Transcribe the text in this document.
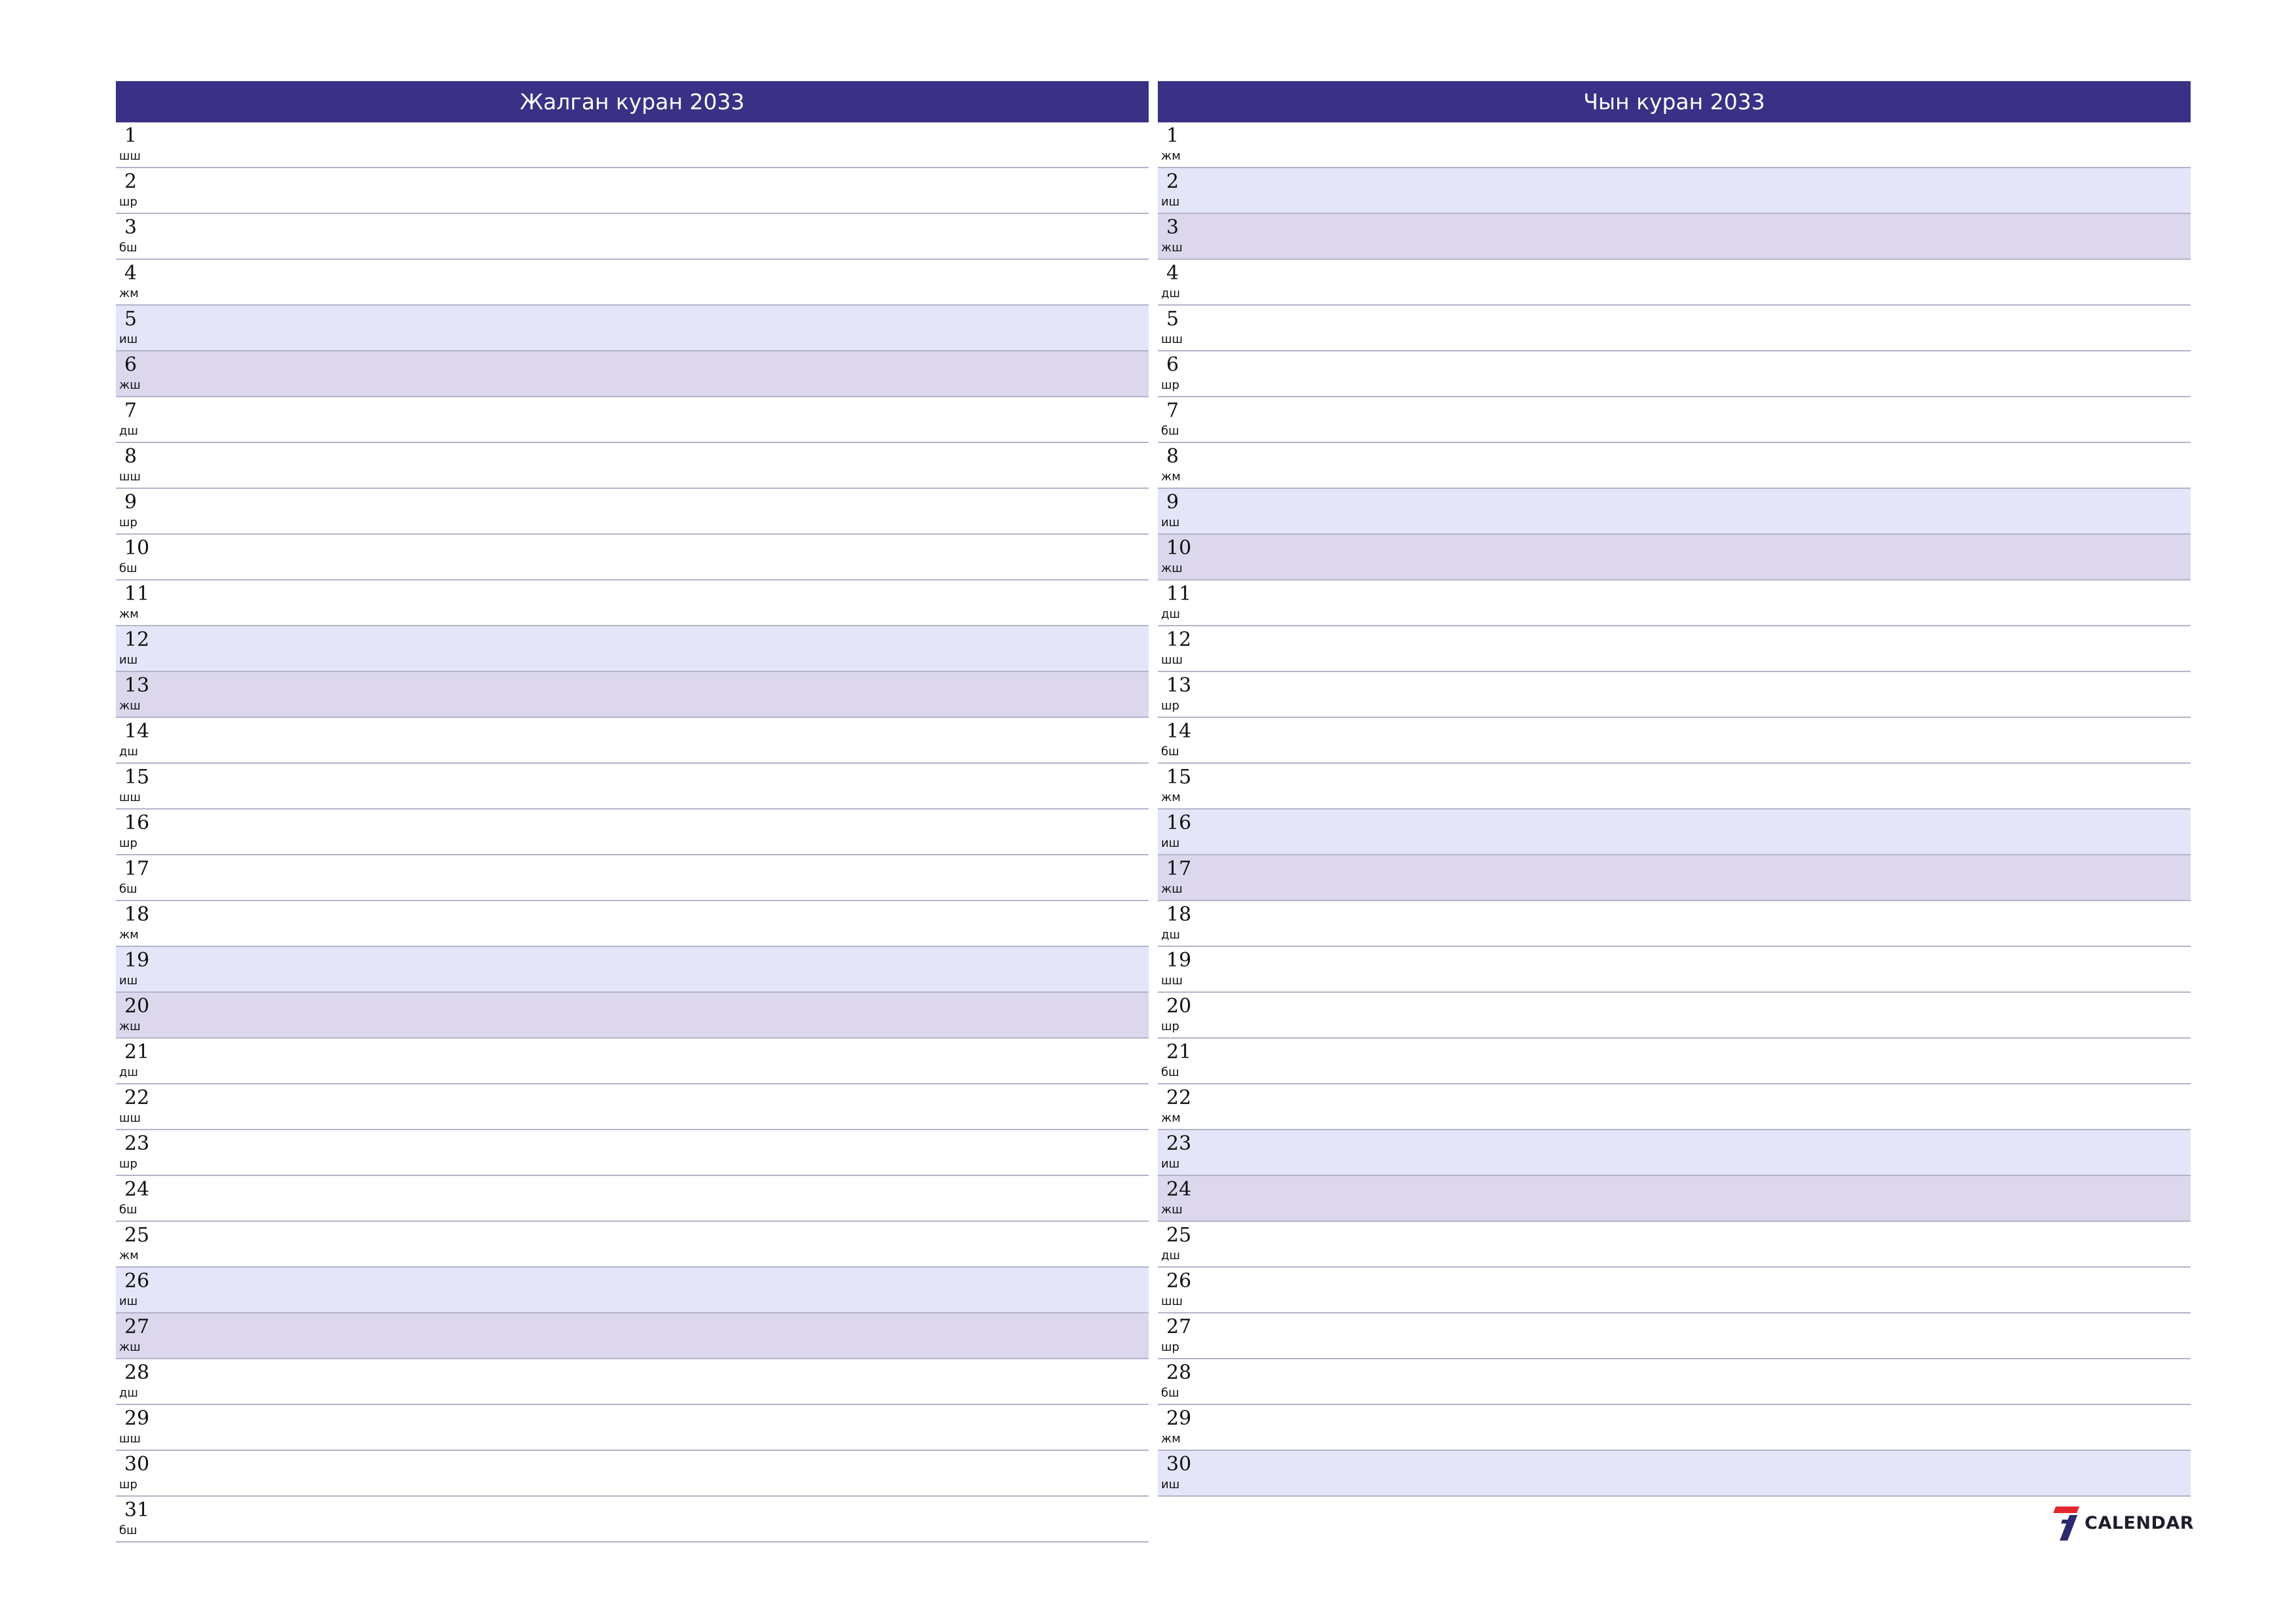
Жалган куран 2033
1
шш
2
шр
3
бш
4
жм
5
иш
6
жш
7
дш
8
шш
9
шр
10
бш
11
жм
12
иш
13
жш
14
дш
15
шш
16
шр
17
бш
18
жм
19
иш
20
жш
21
дш
22
шш
23
шр
24
бш
25
жм
26
иш
27
жш
28
дш
29
шш
30
шр
31
бш
Чын куран 2033
1
жм
2
иш
3
жш
4
дш
5
шш
6
шр
7
бш
8
жм
9
иш
10
жш
11
дш
12
шш
13
шр
14
бш
15
жм
16
иш
17
жш
18
дш
19
шш
20
шр
21
бш
22
жм
23
иш
24
жш
25
дш
26
шш
27
шр
28
бш
29
жм
30
иш
CALENDAR
